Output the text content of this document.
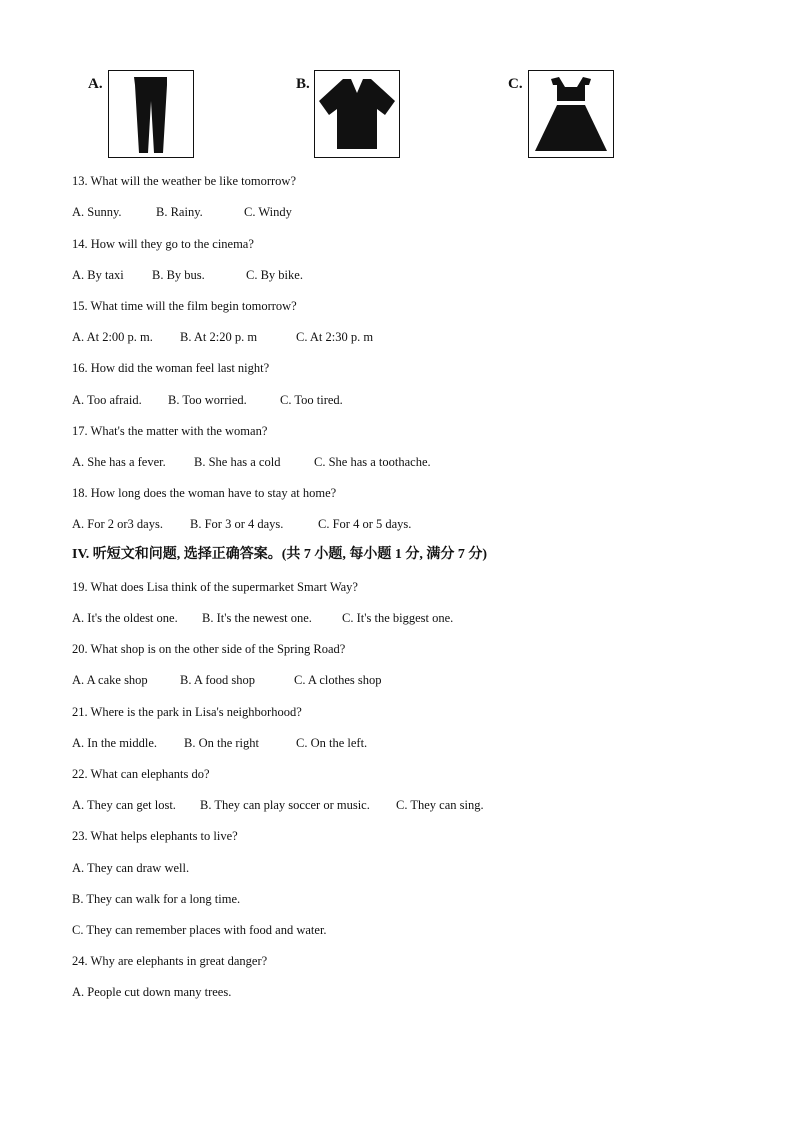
A.	B.	C.
13. What will the weather be like tomorrow?
A. Sunny.	B. Rainy.	C. Windy
14. How will they go to the cinema?
A. By taxi B. By bus.	C. By bike.
15. What time will the film begin tomorrow?
A. At 2:00 p. m. B. At 2:20 p. m	C. At 2:30 p. m
16. How did the woman feel last night?
A. Too afraid. B. Too worried.	C. Too tired.
17. What's the matter with the woman?
A. She has a fever. B. She has a cold	C. She has a toothache.
18. How long does the woman have to stay at home?
A. For 2 or3 days. B. For 3 or 4 days.	C. For 4 or 5 days.
IV. 听短文和问题, 选择正确答案。(共 7 小题, 每小题 1 分, 满分 7 分)
19. What does Lisa think of the supermarket Smart Way?
A. It's the oldest one. B. It's the newest one. C. It's the biggest one.
20. What shop is on the other side of the Spring Road?
A. A cake shop	B. A food shop	C. A clothes shop
21. Where is the park in Lisa's neighborhood?
A. In the middle. B. On the right	C. On the left.
22. What can elephants do?
A. They can get lost. B. They can play soccer or music. C. They can sing.
23. What helps elephants to live?
A. They can draw well.
B. They can walk for a long time.
C. They can remember places with food and water.
24. Why are elephants in great danger?
A. People cut down many trees.
